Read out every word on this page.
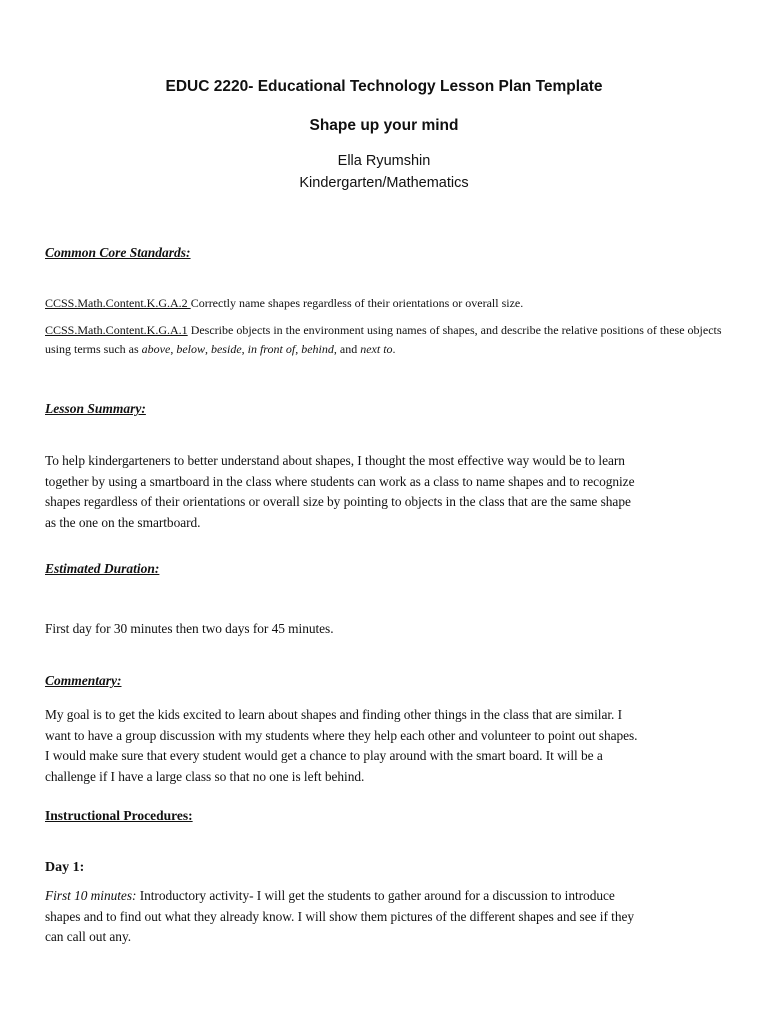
EDUC 2220- Educational Technology Lesson Plan Template
Shape up your mind

Ella Ryumshin

Kindergarten/Mathematics

Common Core Standards:

CCSS.Math.Content.K.G.A.2 Correctly name shapes regardless of their orientations or overall size.

CCSS.Math.Content.K.G.A.1 Describe objects in the environment using names of shapes, and describe the relative positions of these objects using terms such as above, below, beside, in front of, behind, and next to.

Lesson Summary:

To help kindergarteners to better understand about shapes, I thought the most effective way would be to learn
together by using a smartboard in the class where students can work as a class to name shapes and to recognize
shapes regardless of their orientations or overall size by pointing to objects in the class that are the same shape
as the one on the smartboard.

Estimated Duration:

First day for 30 minutes then two days for 45 minutes.

Commentary:

My goal is to get the kids excited to learn about shapes and finding other things in the class that are similar. I
want to have a group discussion with my students where they help each other and volunteer to point out shapes.
I would make sure that every student would get a chance to play around with the smart board. It will be a
challenge if I have a large class so that no one is left behind.

Instructional Procedures:

Day 1:

First 10 minutes: Introductory activity- I will get the students to gather around for a discussion to introduce
shapes and to find out what they already know. I will show them pictures of the different shapes and see if they
can call out any.
